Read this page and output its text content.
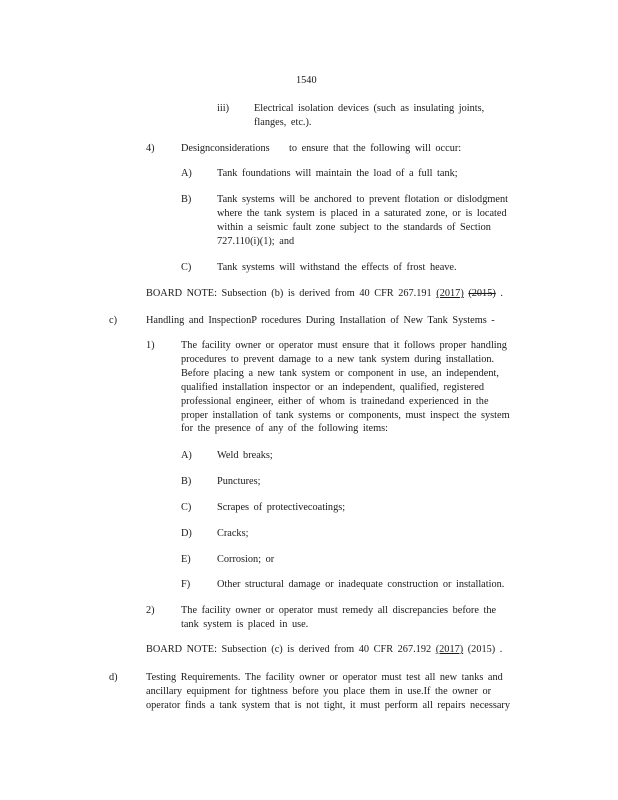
1540
iii) Electrical isolation devices (such as insulating joints,
flanges, etc.).
4)	Designconsiderations to ensure that the following will occur:
A) Tank foundations will maintain the load of a full tank;
B) Tank systems will be anchored to prevent flotation or dislodgment
where the tank system is placed in a saturated zone, or is located
within a seismic fault zone subject to the standards of Section
727.110(i)(1); and
C) Tank systems will withstand the effects of frost heave.
BOARD NOTE: Subsection (b) is derived from 40 CFR 267.191 (2017) (2015) .
c)	Handling and InspectionP rocedures During Installation of New Tank Systems -
1)	The facility owner or operator must ensure that it follows proper handling
procedures to prevent damage to a new tank system during installation.
Before placing a new tank system or component in use, an independent,
qualified installation inspector or an independent, qualified, registered
professional engineer, either of whom is trainedand experienced in the
proper installation of tank systems or components, must inspect the system
for the presence of any of the following items:
A) Weld breaks;
B) Punctures;
C) Scrapes of protectivecoatings;
D) Cracks;
E)	Corrosion; or
F)	Other structural damage or inadequate construction or installation.
2)	The facility owner or operator must remedy all discrepancies before the
tank system is placed in use.
BOARD NOTE: Subsection (c) is derived from 40 CFR 267.192 (2017) (2015) .
d)	Testing Requirements. The facility owner or operator must test all new tanks and
ancillary equipment for tightness before you place them in use.If the owner or
operator finds a tank system that is not tight, it must perform all repairs necessary
